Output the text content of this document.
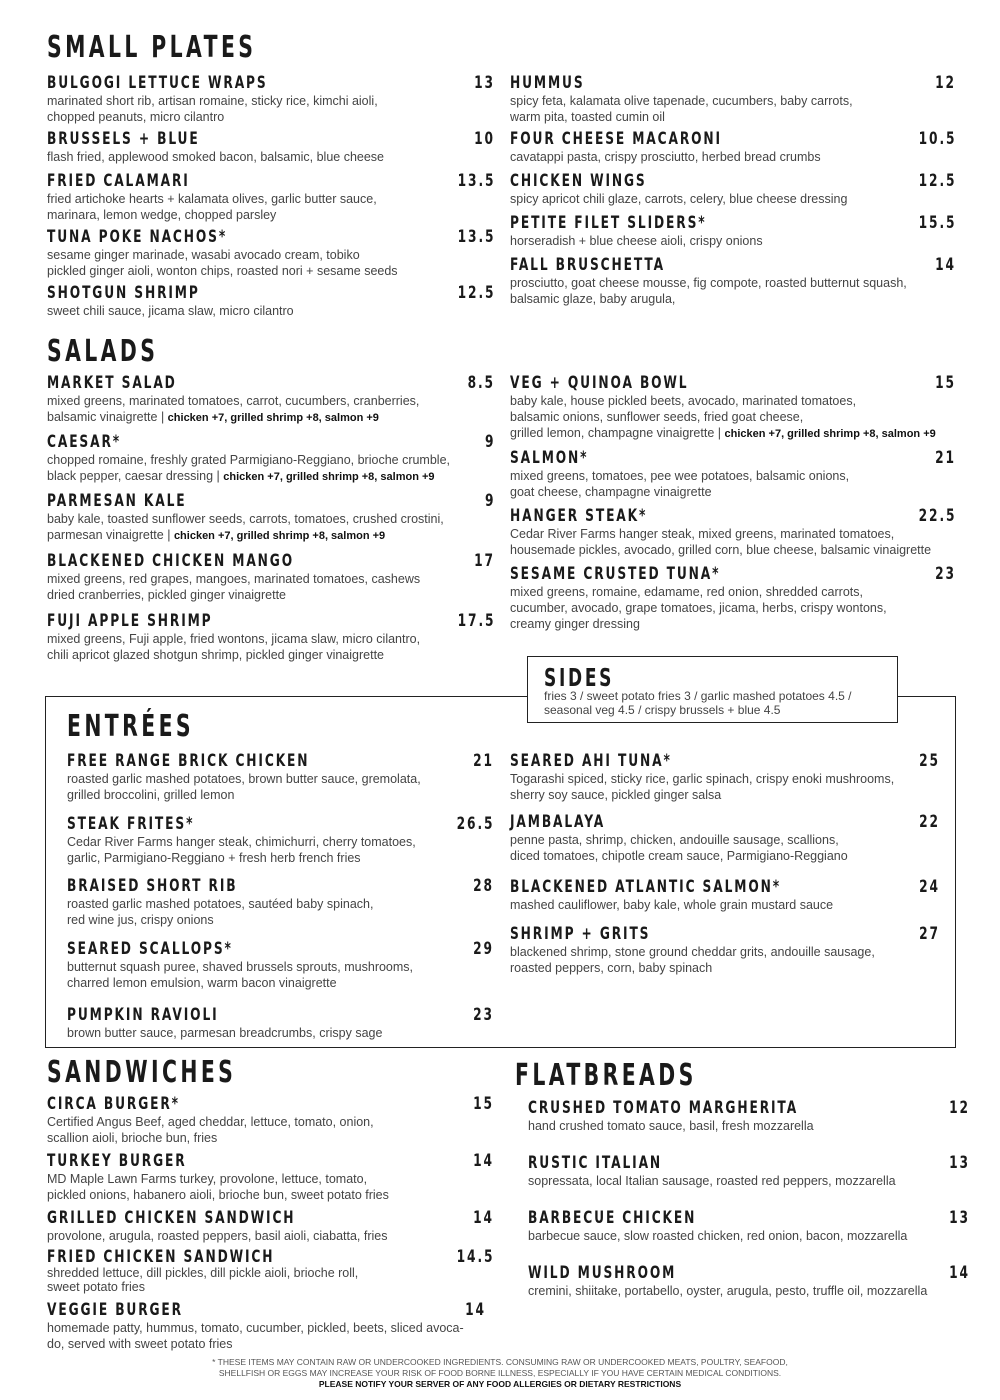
SMALL PLATES
BULGOGI LETTUCE WRAPS	13
marinated short rib, artisan romaine, sticky rice, kimchi aioli,
chopped peanuts, micro cilantro
BRUSSELS + BLUE	10
flash fried, applewood smoked bacon, balsamic, blue cheese
FRIED CALAMARI	13.5
fried artichoke hearts + kalamata olives, garlic butter sauce,
marinara, lemon wedge, chopped parsley
TUNA POKE NACHOS*	13.5
sesame ginger marinade, wasabi avocado cream, tobiko
pickled ginger aioli, wonton chips, roasted nori + sesame seeds
SHOTGUN SHRIMP	12.5
sweet chili sauce, jicama slaw, micro cilantro
HUMMUS	12
spicy feta, kalamata olive tapenade, cucumbers, baby carrots,
warm pita, toasted cumin oil
FOUR CHEESE MACARONI	10.5
cavatappi pasta, crispy prosciutto, herbed bread crumbs
CHICKEN WINGS	12.5
spicy apricot chili glaze, carrots, celery, blue cheese dressing
PETITE FILET SLIDERS*	15.5
horseradish + blue cheese aioli, crispy onions
FALL BRUSCHETTA	14
prosciutto, goat cheese mousse, fig compote, roasted butternut squash,
balsamic glaze, baby arugula,
SALADS
MARKET SALAD	8.5
mixed greens, marinated tomatoes, carrot, cucumbers, cranberries,
balsamic vinaigrette | chicken +7, grilled shrimp +8, salmon +9
CAESAR*	9
chopped romaine, freshly grated Parmigiano-Reggiano, brioche crumble,
black pepper, caesar dressing | chicken +7, grilled shrimp +8, salmon +9
PARMESAN KALE	9
baby kale, toasted sunflower seeds, carrots, tomatoes, crushed crostini,
parmesan vinaigrette | chicken +7, grilled shrimp +8, salmon +9
BLACKENED CHICKEN MANGO	17
mixed greens, red grapes, mangoes, marinated tomatoes, cashews
dried cranberries, pickled ginger vinaigrette
FUJI APPLE SHRIMP	17.5
mixed greens, Fuji apple, fried wontons, jicama slaw, micro cilantro,
chili apricot glazed shotgun shrimp, pickled ginger vinaigrette
VEG + QUINOA BOWL	15
baby kale, house pickled beets, avocado, marinated tomatoes,
balsamic onions, sunflower seeds, fried goat cheese,
grilled lemon, champagne vinaigrette | chicken +7, grilled shrimp +8, salmon +9
SALMON*	21
mixed greens, tomatoes, pee wee potatoes, balsamic onions,
goat cheese, champagne vinaigrette
HANGER STEAK*	22.5
Cedar River Farms hanger steak, mixed greens, marinated tomatoes,
housemade pickles, avocado, grilled corn, blue cheese, balsamic vinaigrette
SESAME CRUSTED TUNA*	23
mixed greens, romaine, edamame, red onion, shredded carrots,
cucumber, avocado, grape tomatoes, jicama, herbs, crispy wontons,
creamy ginger dressing
SIDES
fries 3 / sweet potato fries 3 / garlic mashed potatoes 4.5 /
seasonal veg 4.5 / crispy brussels + blue 4.5
ENTRÉES
FREE RANGE BRICK CHICKEN	21
roasted garlic mashed potatoes, brown butter sauce, gremolata,
grilled broccolini, grilled lemon
STEAK FRITES*	26.5
Cedar River Farms hanger steak, chimichurri, cherry tomatoes,
garlic, Parmigiano-Reggiano + fresh herb french fries
BRAISED SHORT RIB	28
roasted garlic mashed potatoes, sautéed baby spinach,
red wine jus, crispy onions
SEARED SCALLOPS*	29
butternut squash puree, shaved brussels sprouts, mushrooms,
charred lemon emulsion, warm bacon vinaigrette
PUMPKIN RAVIOLI	23
brown butter sauce, parmesan breadcrumbs, crispy sage
SEARED AHI TUNA*	25
Togarashi spiced, sticky rice, garlic spinach, crispy enoki mushrooms,
sherry soy sauce, pickled ginger salsa
JAMBALAYA	22
penne pasta, shrimp, chicken, andouille sausage, scallions,
diced tomatoes, chipotle cream sauce, Parmigiano-Reggiano
BLACKENED ATLANTIC SALMON*	24
mashed cauliflower, baby kale, whole grain mustard sauce
SHRIMP + GRITS	27
blackened shrimp, stone ground cheddar grits, andouille sausage,
roasted peppers, corn, baby spinach
SANDWICHES
CIRCA BURGER*	15
Certified Angus Beef, aged cheddar, lettuce, tomato, onion,
scallion aioli, brioche bun, fries
TURKEY BURGER	14
MD Maple Lawn Farms turkey, provolone, lettuce, tomato,
pickled onions, habanero aioli, brioche bun, sweet potato fries
GRILLED CHICKEN SANDWICH	14
provolone, arugula, roasted peppers, basil aioli, ciabatta, fries
FRIED CHICKEN SANDWICH	14.5
shredded lettuce, dill pickles, dill pickle aioli, brioche roll,
sweet potato fries
VEGGIE BURGER	14
homemade patty, hummus, tomato, cucumber, pickled, beets, sliced avoca-
do, served with sweet potato fries
FLATBREADS
CRUSHED TOMATO MARGHERITA	12
hand crushed tomato sauce, basil, fresh mozzarella
RUSTIC ITALIAN	13
sopressata, local Italian sausage, roasted red peppers, mozzarella
BARBECUE CHICKEN	13
barbecue sauce, slow roasted chicken, red onion, bacon, mozzarella
WILD MUSHROOM	14
cremini, shiitake, portabello, oyster, arugula, pesto, truffle oil, mozzarella
* THESE ITEMS MAY CONTAIN RAW OR UNDERCOOKED INGREDIENTS. CONSUMING RAW OR UNDERCOOKED MEATS, POULTRY, SEAFOOD,
SHELLFISH OR EGGS MAY INCREASE YOUR RISK OF FOOD BORNE ILLNESS, ESPECIALLY IF YOU HAVE CERTAIN MEDICAL CONDITIONS.
PLEASE NOTIFY YOUR SERVER OF ANY FOOD ALLERGIES OR DIETARY RESTRICTIONS
